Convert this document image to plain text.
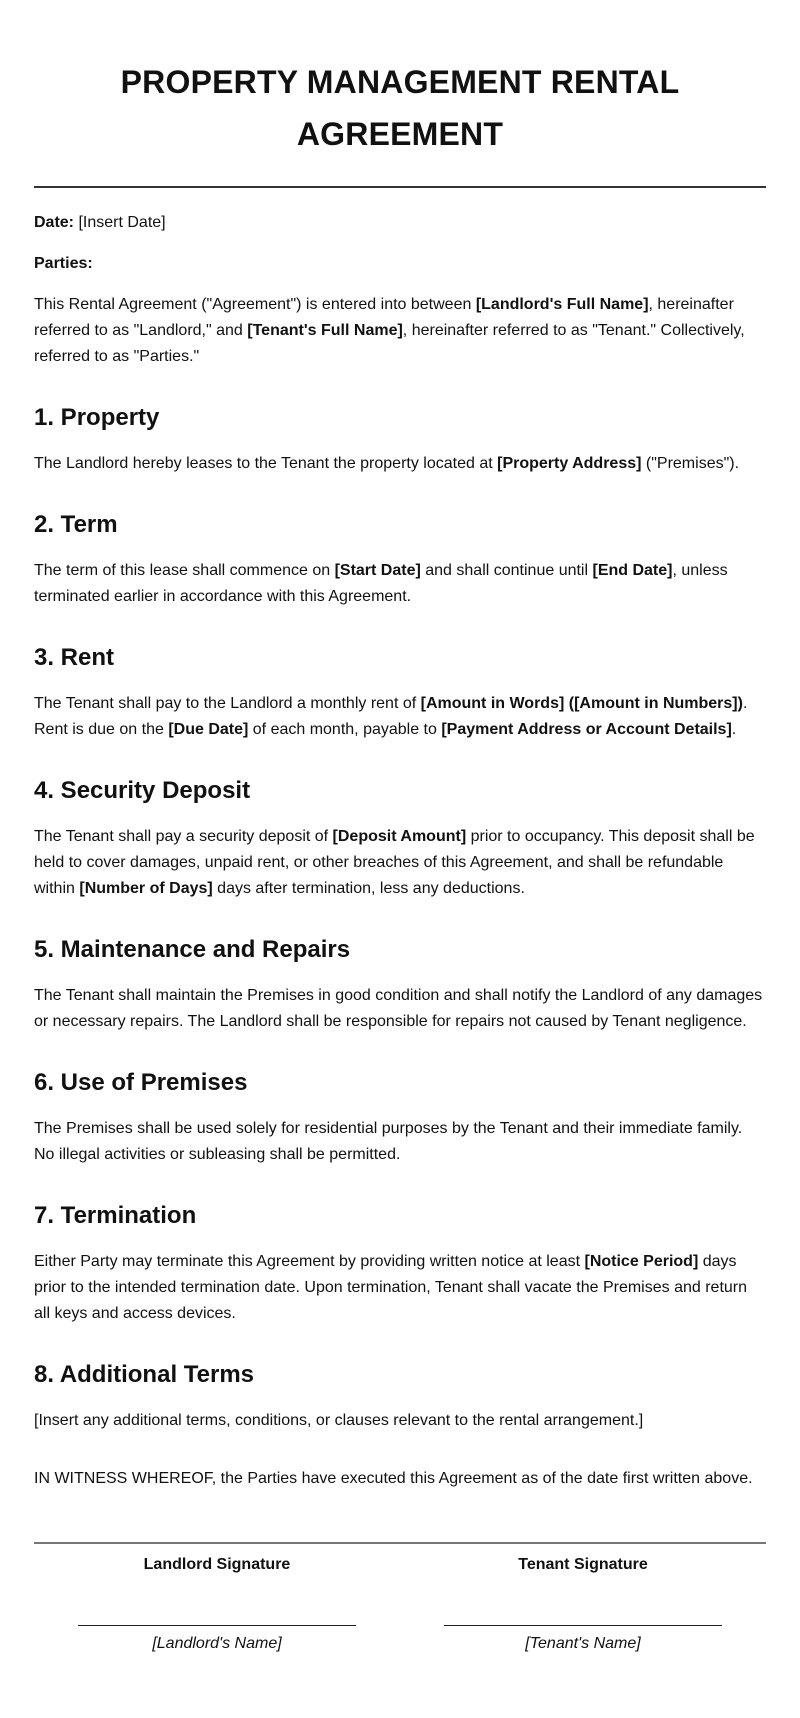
PROPERTY MANAGEMENT RENTAL AGREEMENT

Date: [Insert Date]

Parties:

This Rental Agreement ("Agreement") is entered into between [Landlord's Full Name], hereinafter referred to as "Landlord," and [Tenant's Full Name], hereinafter referred to as "Tenant." Collectively, referred to as "Parties."

1. Property

The Landlord hereby leases to the Tenant the property located at [Property Address] ("Premises").

2. Term

The term of this lease shall commence on [Start Date] and shall continue until [End Date], unless terminated earlier in accordance with this Agreement.

3. Rent

The Tenant shall pay to the Landlord a monthly rent of [Amount in Words] ([Amount in Numbers]). Rent is due on the [Due Date] of each month, payable to [Payment Address or Account Details].

4. Security Deposit

The Tenant shall pay a security deposit of [Deposit Amount] prior to occupancy. This deposit shall be held to cover damages, unpaid rent, or other breaches of this Agreement, and shall be refundable within [Number of Days] days after termination, less any deductions.

5. Maintenance and Repairs

The Tenant shall maintain the Premises in good condition and shall notify the Landlord of any damages or necessary repairs. The Landlord shall be responsible for repairs not caused by Tenant negligence.

6. Use of Premises

The Premises shall be used solely for residential purposes by the Tenant and their immediate family. No illegal activities or subleasing shall be permitted.

7. Termination

Either Party may terminate this Agreement by providing written notice at least [Notice Period] days prior to the intended termination date. Upon termination, Tenant shall vacate the Premises and return all keys and access devices.

8. Additional Terms

[Insert any additional terms, conditions, or clauses relevant to the rental arrangement.]

IN WITNESS WHEREOF, the Parties have executed this Agreement as of the date first written above.

Landlord Signature
[Landlord's Name]
Tenant Signature
[Tenant's Name]
